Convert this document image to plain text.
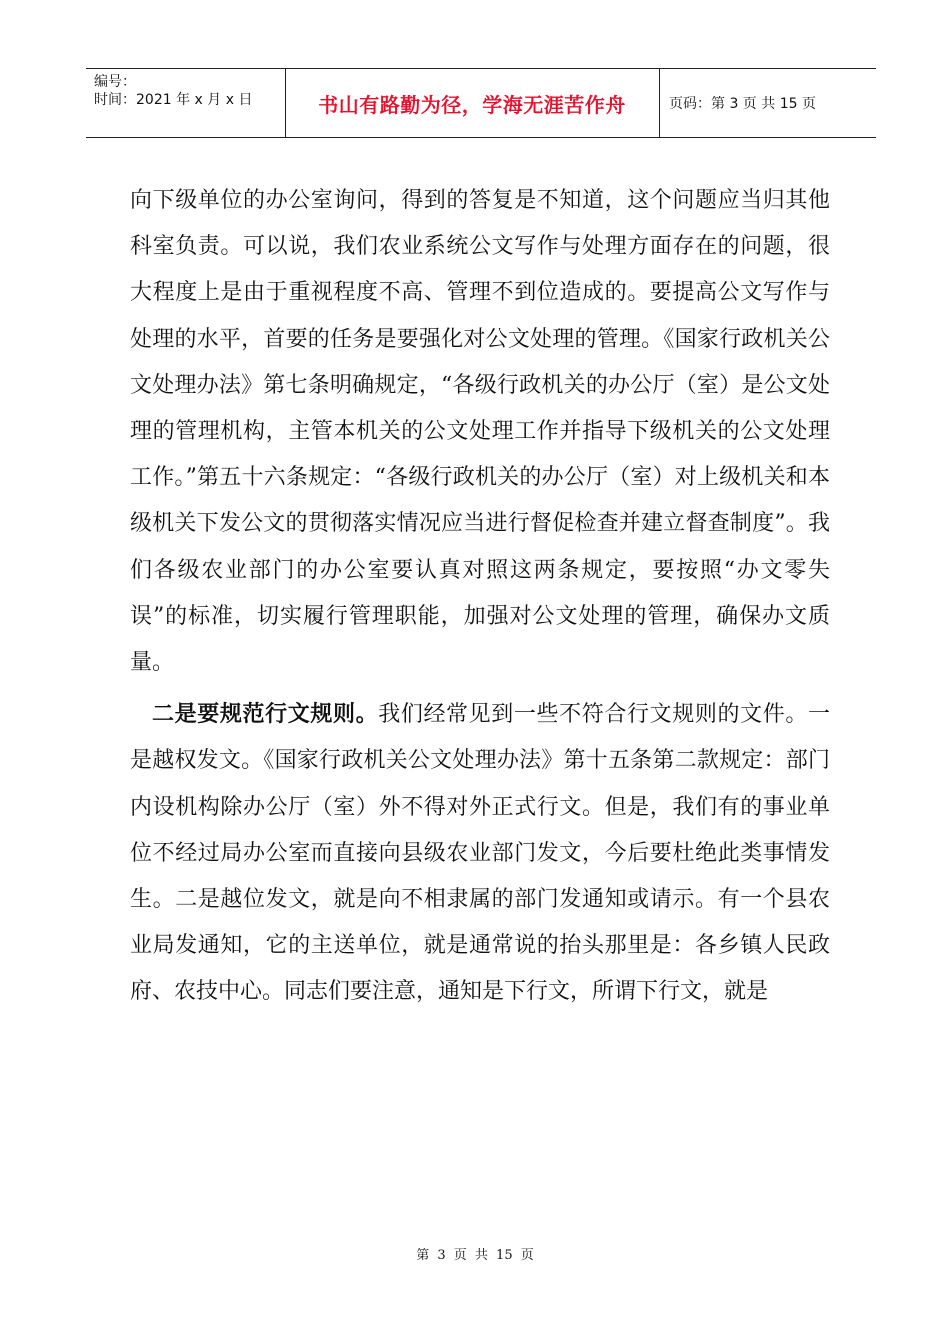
编号：
时间：2021 年 x 月 x 日	书山有路勤为径，学海无涯苦作舟	页码：第 3 页 共 15 页

向下级单位的办公室询问，得到的答复是不知道，这个问题应当归其他科室负责。可以说，我们农业系统公文写作与处理方面存在的问题，很大程度上是由于重视程度不高、管理不到位造成的。要提高公文写作与处理的水平，首要的任务是要强化对公文处理的管理。《国家行政机关公文处理办法》第七条明确规定，“各级行政机关的办公厅（室）是公文处理的管理机构，主管本机关的公文处理工作并指导下级机关的公文处理工作。”第五十六条规定：“各级行政机关的办公厅（室）对上级机关和本级机关下发公文的贯彻落实情况应当进行督促检查并建立督查制度”。我们各级农业部门的办公室要认真对照这两条规定，要按照“办文零失误”的标准，切实履行管理职能，加强对公文处理的管理，确保办文质量。

二是要规范行文规则。我们经常见到一些不符合行文规则的文件。一是越权发文。《国家行政机关公文处理办法》第十五条第二款规定：部门内设机构除办公厅（室）外不得对外正式行文。但是，我们有的事业单位不经过局办公室而直接向县级农业部门发文，今后要杜绝此类事情发生。二是越位发文，就是向不相隶属的部门发通知或请示。有一个县农业局发通知，它的主送单位，就是通常说的抬头那里是：各乡镇人民政府、农技中心。同志们要注意，通知是下行文，所谓下行文，就是

第 3 页 共 15 页
